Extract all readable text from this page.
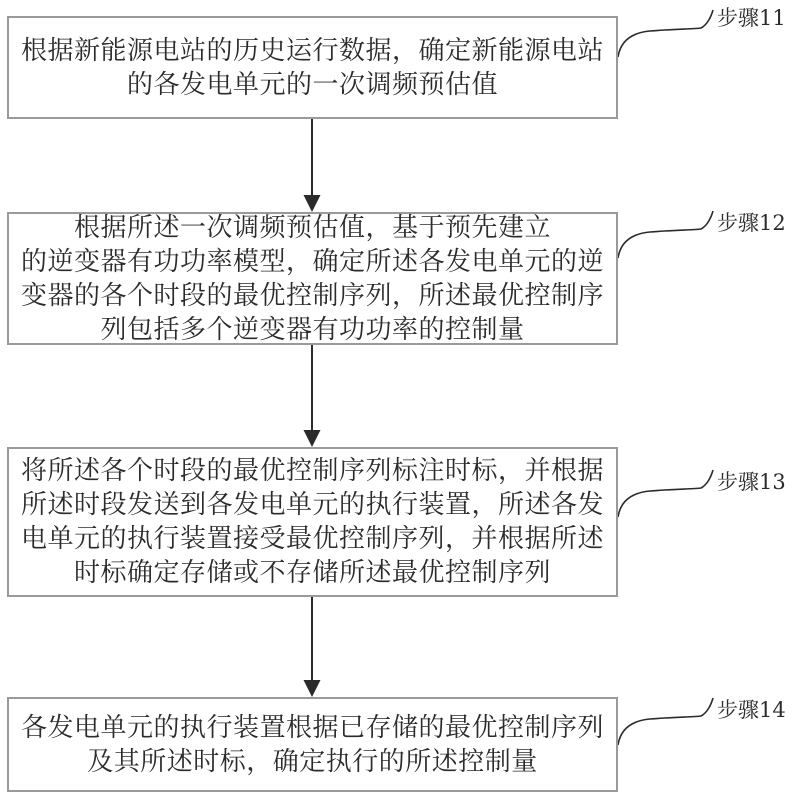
根据新能源电站的历史运行数据，确定新能源电站
的各发电单元的一次调频预估值
根据所述一次调频预估值，基于预先建立
的逆变器有功功率模型，确定所述各发电单元的逆
变器的各个时段的最优控制序列，所述最优控制序
列包括多个逆变器有功功率的控制量
将所述各个时段的最优控制序列标注时标，并根据
所述时段发送到各发电单元的执行装置，所述各发
电单元的执行装置接受最优控制序列，并根据所述
时标确定存储或不存储所述最优控制序列
各发电单元的执行装置根据已存储的最优控制序列
及其所述时标，确定执行的所述控制量
步骤11
步骤12
步骤13
步骤14
